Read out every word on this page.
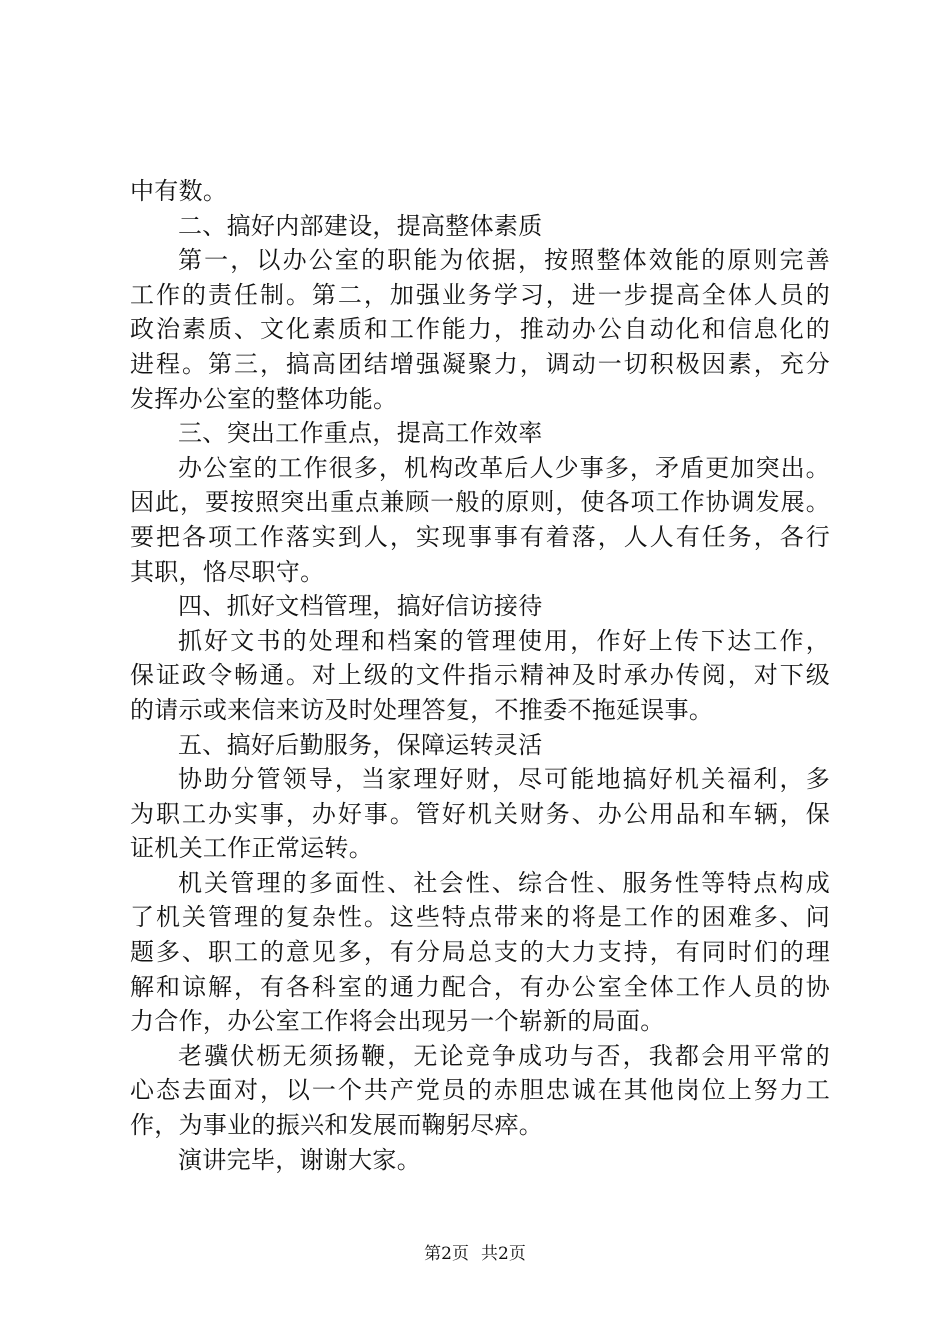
中有数。
二、搞好内部建设，提高整体素质
第一，以办公室的职能为依据，按照整体效能的原则完善
工作的责任制。第二，加强业务学习，进一步提高全体人员的
政治素质、文化素质和工作能力，推动办公自动化和信息化的
进程。第三，搞高团结增强凝聚力，调动一切积极因素，充分
发挥办公室的整体功能。
三、突出工作重点，提高工作效率
办公室的工作很多，机构改革后人少事多，矛盾更加突出。
因此，要按照突出重点兼顾一般的原则，使各项工作协调发展。
要把各项工作落实到人，实现事事有着落，人人有任务，各行
其职，恪尽职守。
四、抓好文档管理，搞好信访接待
抓好文书的处理和档案的管理使用，作好上传下达工作，
保证政令畅通。对上级的文件指示精神及时承办传阅，对下级
的请示或来信来访及时处理答复，不推委不拖延误事。
五、搞好后勤服务，保障运转灵活
协助分管领导，当家理好财，尽可能地搞好机关福利，多
为职工办实事，办好事。管好机关财务、办公用品和车辆，保
证机关工作正常运转。
机关管理的多面性、社会性、综合性、服务性等特点构成
了机关管理的复杂性。这些特点带来的将是工作的困难多、问
题多、职工的意见多，有分局总支的大力支持，有同时们的理
解和谅解，有各科室的通力配合，有办公室全体工作人员的协
力合作，办公室工作将会出现另一个崭新的局面。
老骥伏枥无须扬鞭，无论竞争成功与否，我都会用平常的
心态去面对，以一个共产党员的赤胆忠诚在其他岗位上努力工
作，为事业的振兴和发展而鞠躬尽瘁。
演讲完毕，谢谢大家。
第2页 共2页
